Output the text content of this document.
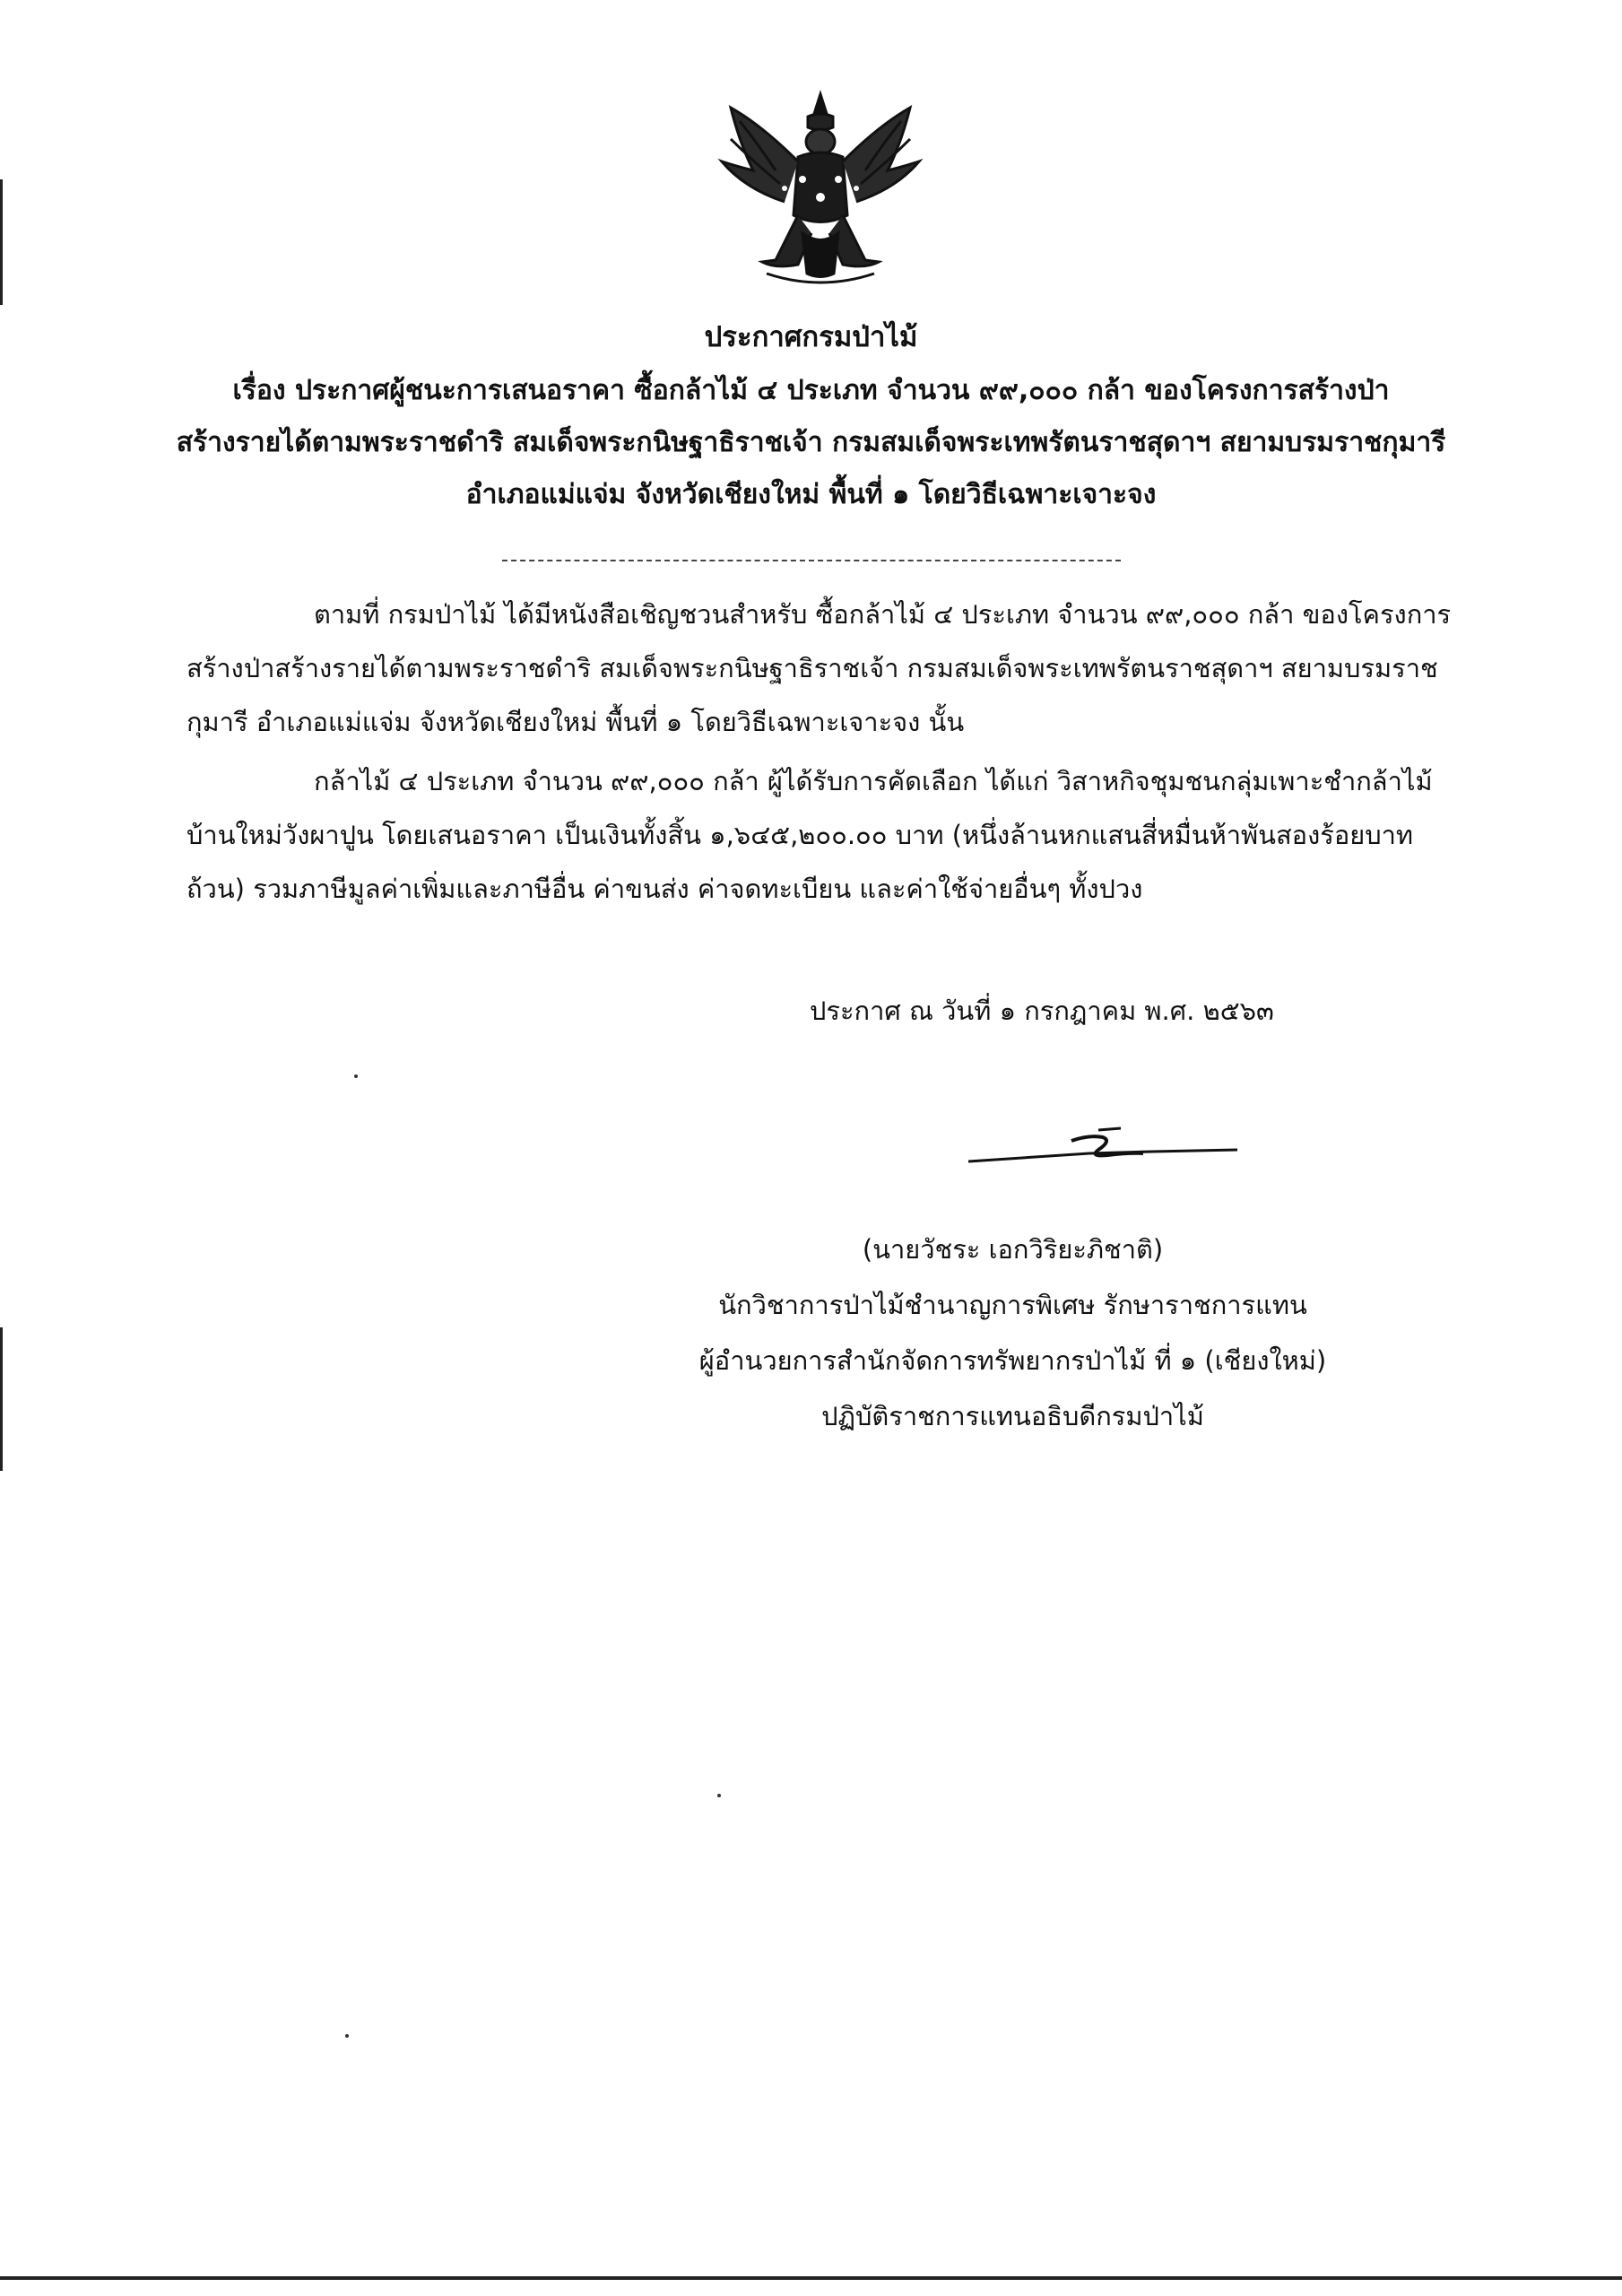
ประกาศกรมป่าไม้
เรื่อง ประกาศผู้ชนะการเสนอราคา ซื้อกล้าไม้ ๔ ประเภท จำนวน ๙๙,๐๐๐ กล้า ของโครงการสร้างป่า
สร้างรายได้ตามพระราชดำริ สมเด็จพระกนิษฐาธิราชเจ้า กรมสมเด็จพระเทพรัตนราชสุดาฯ สยามบรมราชกุมารี
อำเภอแม่แจ่ม จังหวัดเชียงใหม่ พื้นที่ ๑ โดยวิธีเฉพาะเจาะจง
ตามที่ กรมป่าไม้ ได้มีหนังสือเชิญชวนสำหรับ ซื้อกล้าไม้ ๔ ประเภท จำนวน ๙๙,๐๐๐ กล้า ของโครงการ
สร้างป่าสร้างรายได้ตามพระราชดำริ สมเด็จพระกนิษฐาธิราชเจ้า กรมสมเด็จพระเทพรัตนราชสุดาฯ สยามบรมราช
กุมารี อำเภอแม่แจ่ม จังหวัดเชียงใหม่ พื้นที่ ๑ โดยวิธีเฉพาะเจาะจง นั้น
กล้าไม้ ๔ ประเภท จำนวน ๙๙,๐๐๐ กล้า ผู้ได้รับการคัดเลือก ได้แก่ วิสาหกิจชุมชนกลุ่มเพาะชำกล้าไม้
บ้านใหม่วังผาปูน โดยเสนอราคา เป็นเงินทั้งสิ้น ๑,๖๔๕,๒๐๐.๐๐ บาท (หนึ่งล้านหกแสนสี่หมื่นห้าพันสองร้อยบาท
ถ้วน) รวมภาษีมูลค่าเพิ่มและภาษีอื่น ค่าขนส่ง ค่าจดทะเบียน และค่าใช้จ่ายอื่นๆ ทั้งปวง
ประกาศ ณ วันที่ ๑ กรกฎาคม พ.ศ. ๒๕๖๓
(นายวัชระ เอกวิริยะภิชาติ)
นักวิชาการป่าไม้ชำนาญการพิเศษ รักษาราชการแทน
ผู้อำนวยการสำนักจัดการทรัพยากรป่าไม้ ที่ ๑ (เชียงใหม่)
ปฏิบัติราชการแทนอธิบดีกรมป่าไม้
